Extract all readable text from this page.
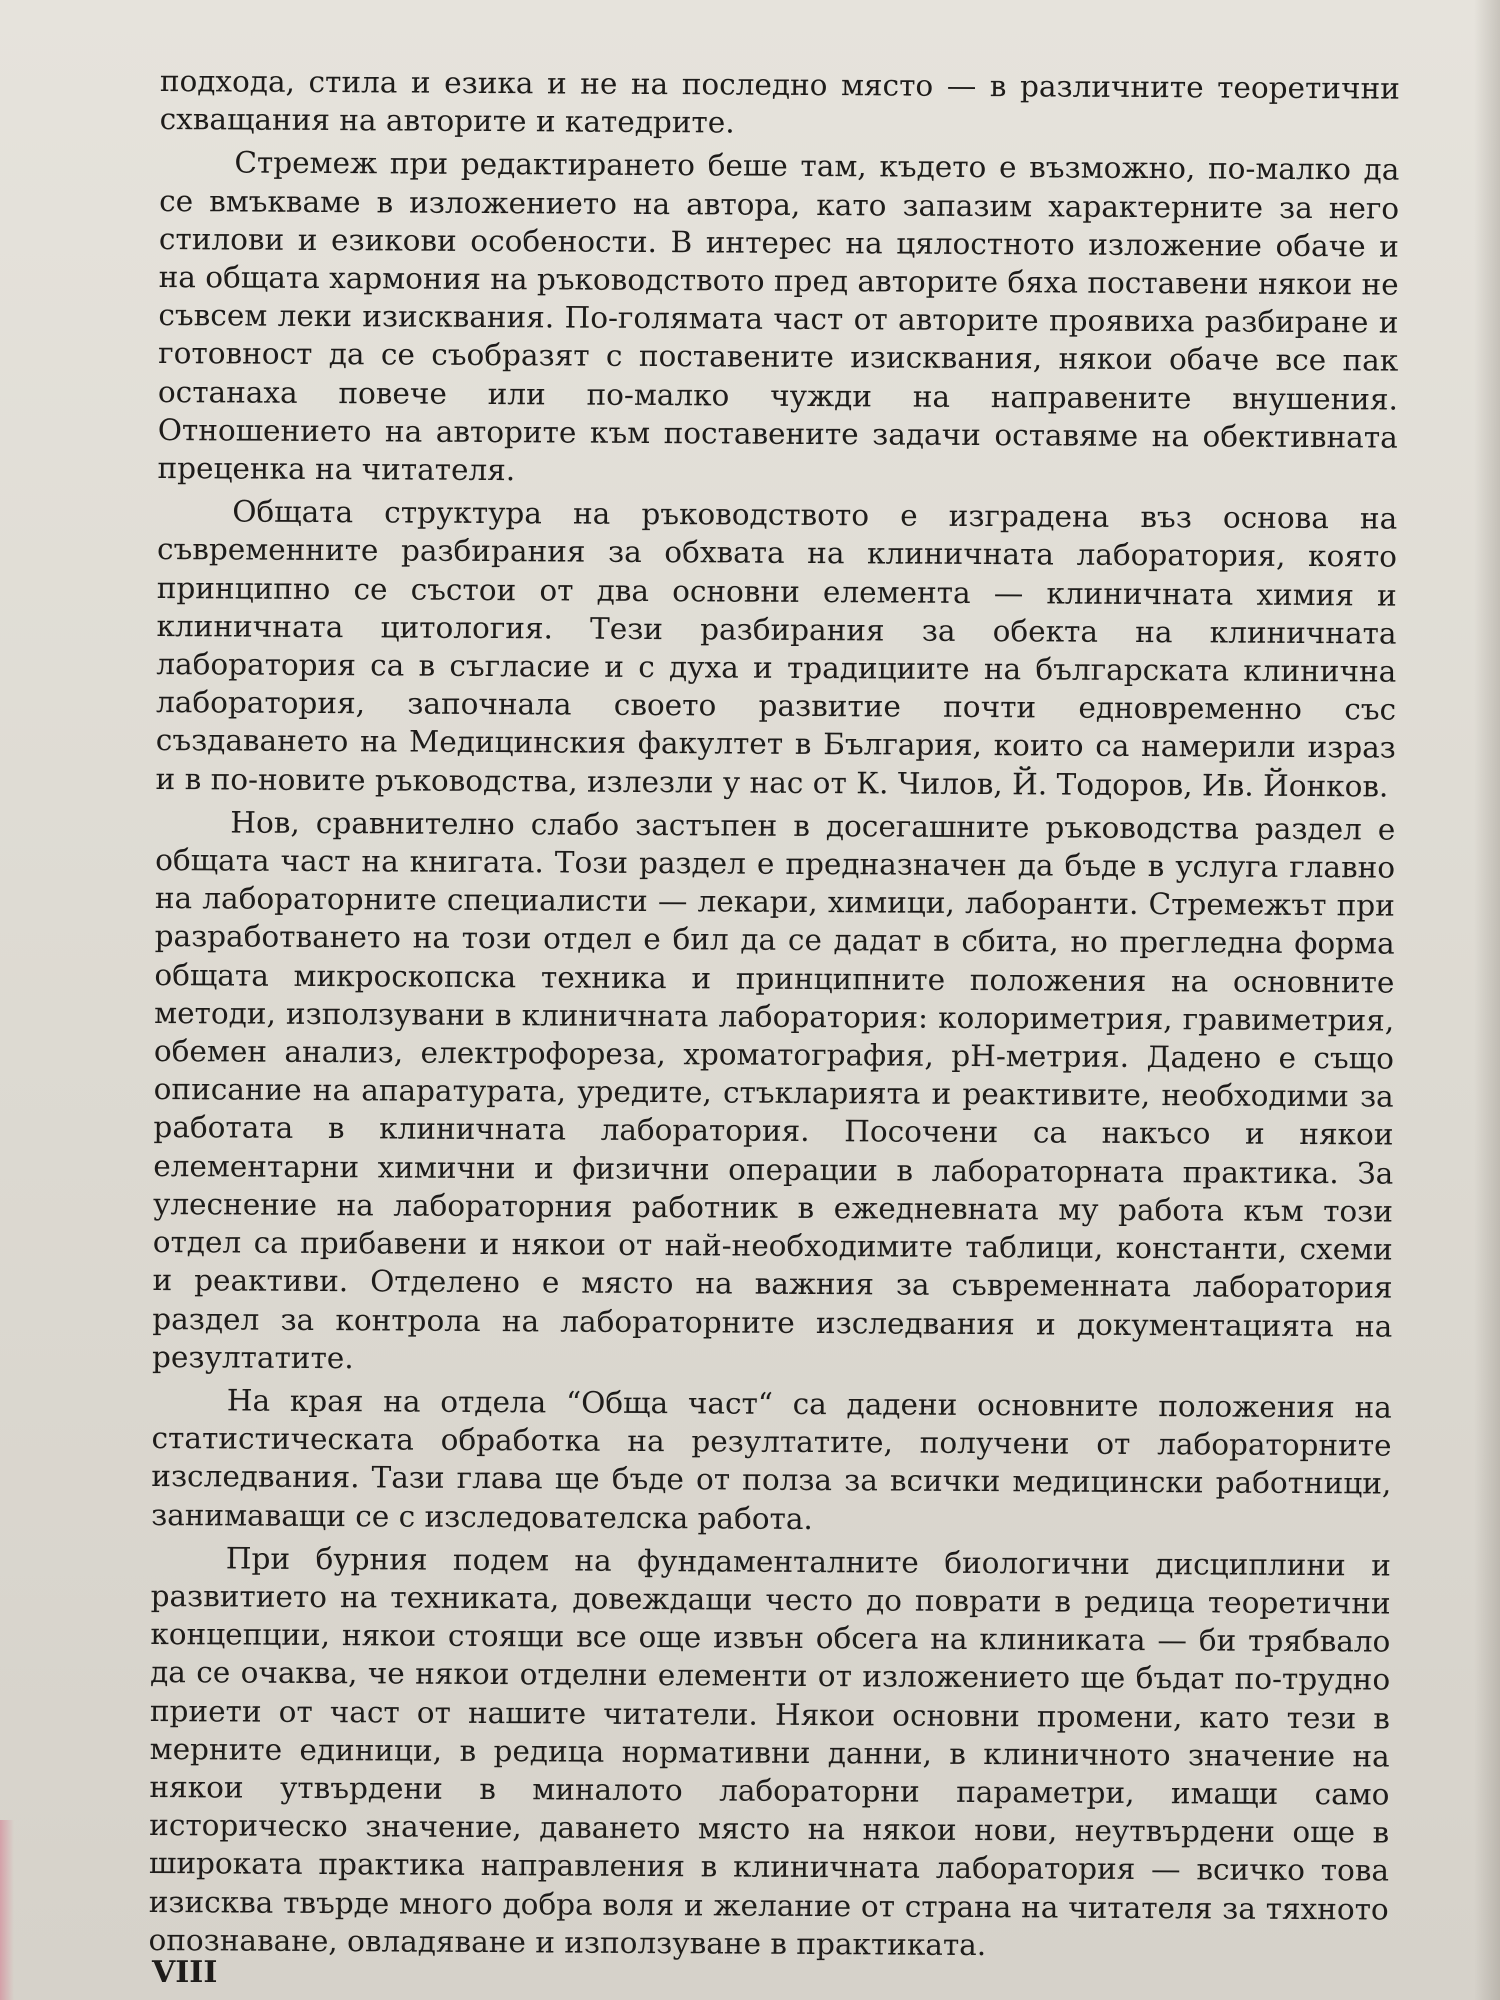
подхода, стила и езика и не на последно място — в различните теоретични схващания на авторите и катедрите.

Стремеж при редактирането беше там, където е възможно, по-малко да се вмъкваме в изложението на автора, като запазим характерните за него стилови и езикови особености. В интерес на цялостното изложение обаче и на общата хармония на ръководството пред авторите бяха поставени някои не съвсем леки изисквания. По-голямата част от авторите проявиха разбиране и готовност да се съобразят с поставените изисквания, някои обаче все пак останаха повече или по-малко чужди на направените внушения. Отношението на авторите към поставените задачи оставяме на обективната преценка на читателя.

Общата структура на ръководството е изградена въз основа на съвременните разбирания за обхвата на клиничната лаборатория, която принципно се състои от два основни елемента — клиничната химия и клиничната цитология. Тези разбирания за обекта на клиничната лаборатория са в съгласие и с духа и традициите на българската клинична лаборатория, започнала своето развитие почти едновременно със създаването на Медицинския факултет в България, които са намерили израз и в по-новите ръководства, излезли у нас от К. Чилов, Й. Тодоров, Ив. Йонков.

Нов, сравнително слабо застъпен в досегашните ръководства раздел е общата част на книгата. Този раздел е предназначен да бъде в услуга главно на лабораторните специалисти — лекари, химици, лаборанти. Стремежът при разработването на този отдел е бил да се дадат в сбита, но прегледна форма общата микроскопска техника и принципните положения на основните методи, използувани в клиничната лаборатория: колориметрия, гравиметрия, обемен анализ, електрофореза, хроматография, pH-метрия. Дадено е също описание на апаратурата, уредите, стъкларията и реактивите, необходими за работата в клиничната лаборатория. Посочени са накъсо и някои елементарни химични и физични операции в лабораторната практика. За улеснение на лабораторния работник в ежедневната му работа към този отдел са прибавени и някои от най-необходимите таблици, константи, схеми и реактиви. Отделено е място на важния за съвременната лаборатория раздел за контрола на лабораторните изследвания и документацията на резултатите.

На края на отдела “Обща част“ са дадени основните положения на статистическата обработка на резултатите, получени от лабораторните изследвания. Тази глава ще бъде от полза за всички медицински работници, занимаващи се с изследователска работа.

При бурния подем на фундаменталните биологични дисциплини и развитието на техниката, довеждащи често до поврати в редица теоретични концепции, някои стоящи все още извън обсега на клиниката — би трябвало да се очаква, че някои отделни елементи от изложението ще бъдат по-трудно приети от част от нашите читатели. Някои основни промени, като тези в мерните единици, в редица нормативни данни, в клиничното значение на някои утвърдени в миналото лабораторни параметри, имащи само историческо значение, даването място на някои нови, неутвърдени още в широката практика направления в клиничната лаборатория — всичко това изисква твърде много добра воля и желание от страна на читателя за тяхното опознаване, овладяване и използуване в практиката.

VIII
